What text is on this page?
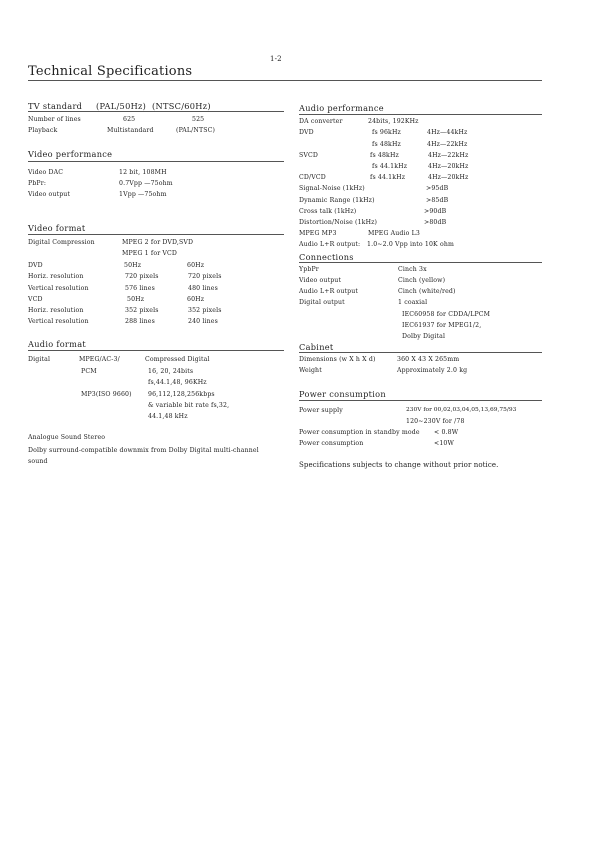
1-2
Technical Specifications
TV standard (PAL/50Hz) (NTSC/60Hz)
Number of lines	625	525
Playback	Multistandard	(PAL/NTSC)
Video performance
Video DAC	12 bit, 108MH
PbPr:	0.7Vpp —75ohm
Video output	1Vpp —75ohm
Video format
Digital Compression	MPEG 2 for DVD,SVD
MPEG 1 for VCD
DVD	50Hz	60Hz
Horiz. resolution	720 pixels	720 pixels
Vertical resolution	576 lines	480 lines
VCD	50Hz	60Hz
Horiz. resolution	352 pixels	352 pixels
Vertical resolution	288 lines	240 lines
Audio format
Digital	MPEG/AC-3/	Compressed Digital
PCM	16, 20, 24bits
fs,44.1,48, 96KHz
MP3(ISO 9660)	96,112,128,256kbps
& variable bit rate fs,32,
44.1,48 kHz
Analogue Sound Stereo
Dolby surround-compatible downmix from Dolby Digital multi-channel
sound
Audio performance
DA converter	24bits, 192KHz
DVD	fs 96kHz	4Hz—44kHz
fs 48kHz	4Hz—22kHz
SVCD	fs 48kHz	4Hz—22kHz
fs 44.1kHz	4Hz—20kHz
CD/VCD	fs 44.1kHz	4Hz—20kHz
Signal-Noise (1kHz)	>95dB
Dynamic Range (1kHz)	>85dB
Cross talk (1kHz)	>90dB
Distortion/Noise (1kHz)	>80dB
MPEG MP3	MPEG Audio L3
Audio L+R output: 1.0~2.0 Vpp into 10K ohm
Connections
YpbPr	Cinch 3x
Video output	Cinch (yellow)
Audio L+R output	Cinch (white/red)
Digital output	1 coaxial
IEC60958 for CDDA/LPCM
IEC61937 for MPEG1/2,
Dolby Digital
Cabinet
Dimensions (w X h X d)	360 X 43 X 265mm
Weight	Approximately 2.0 kg
Power consumption
Power supply	230V for 00,02,03,04,05,13,69,75/93
120~230V for /78
Power consumption in standby mode < 0.8W
Power consumption	<10W
Specifications subjects to change without prior notice.
